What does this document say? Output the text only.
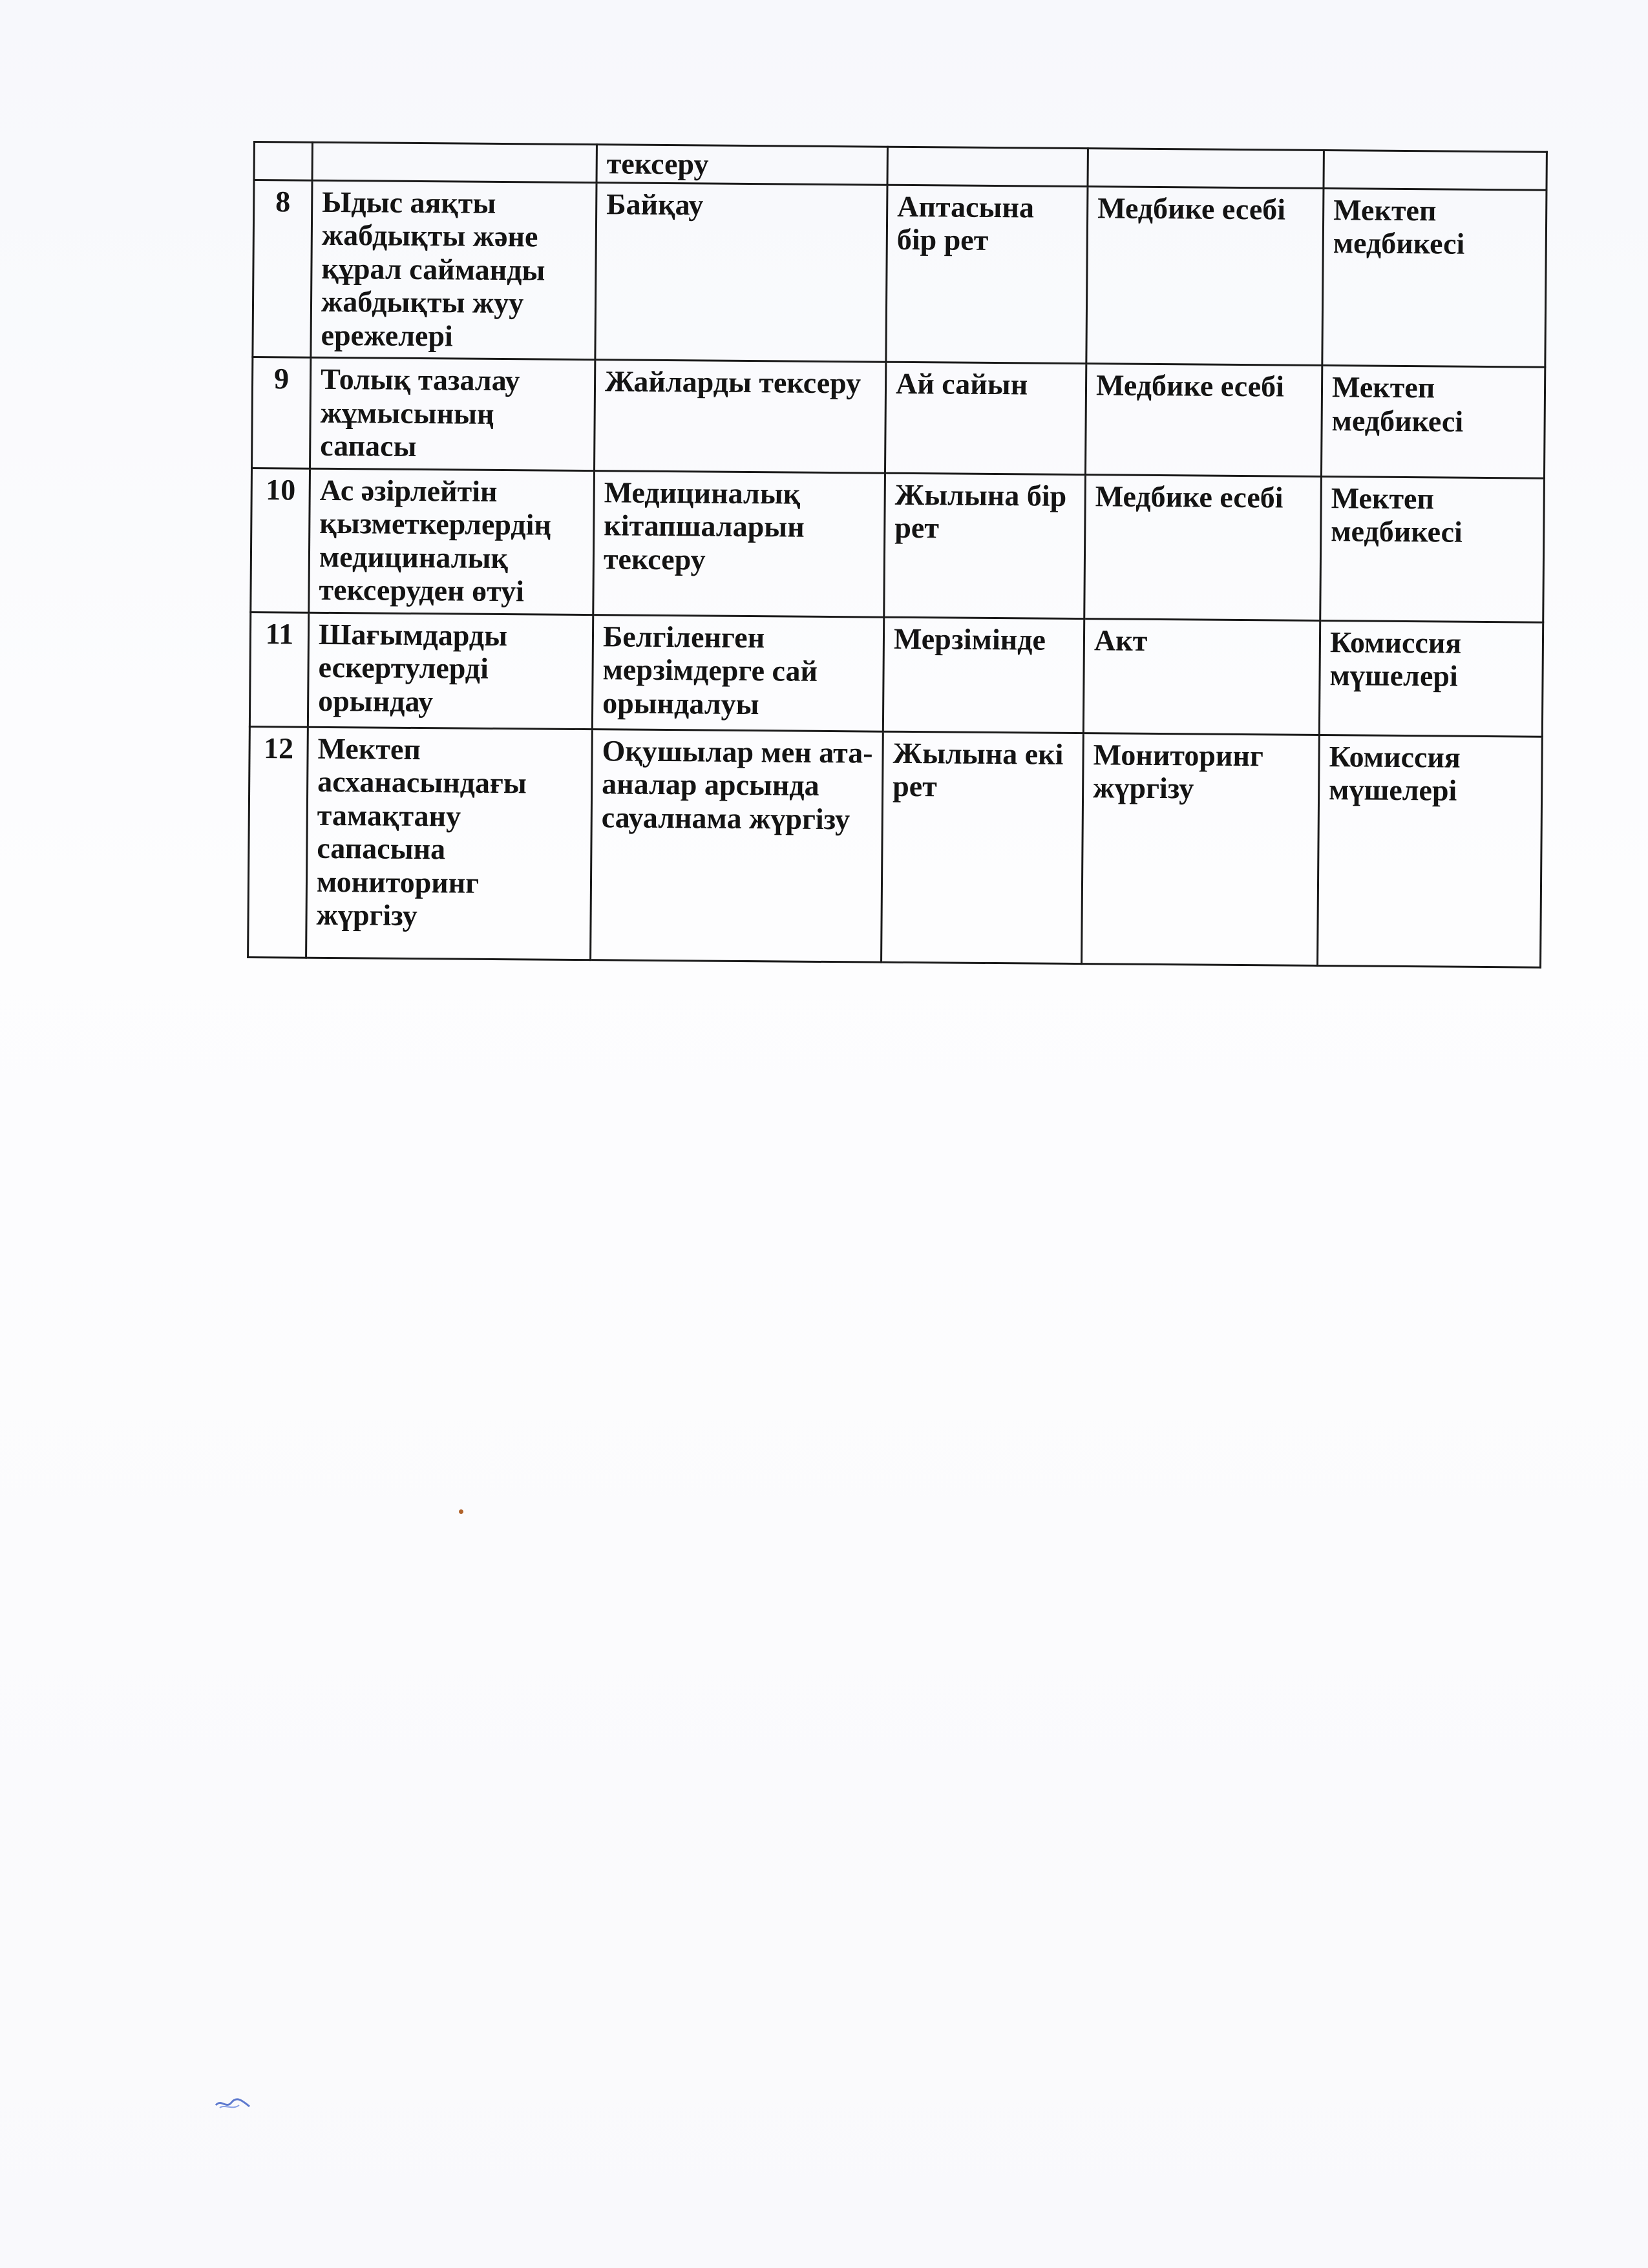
		тексеру			
8	Ыдыс аяқты жабдықты және құрал сайманды жабдықты жуу ережелері	Байқау	Аптасына бір рет	Медбике есебі	Мектеп медбикесі
9	Толық тазалау жұмысының сапасы	Жайларды тексеру	Ай сайын	Медбике есебі	Мектеп медбикесі
10	Ас әзірлейтін қызметкерлердің медициналық тексеруден өтуі	Медициналық кітапшаларын тексеру	Жылына бір рет	Медбике есебі	Мектеп медбикесі
11	Шағымдарды ескертулерді орындау	Белгіленген мерзімдерге сай орындалуы	Мерзімінде	Акт	Комиссия мүшелері
12	Мектеп асханасындағы тамақтану сапасына мониторинг жүргізу	Оқушылар мен ата-аналар арсында сауалнама жүргізу	Жылына екі рет	Мониторинг жүргізу	Комиссия мүшелері
